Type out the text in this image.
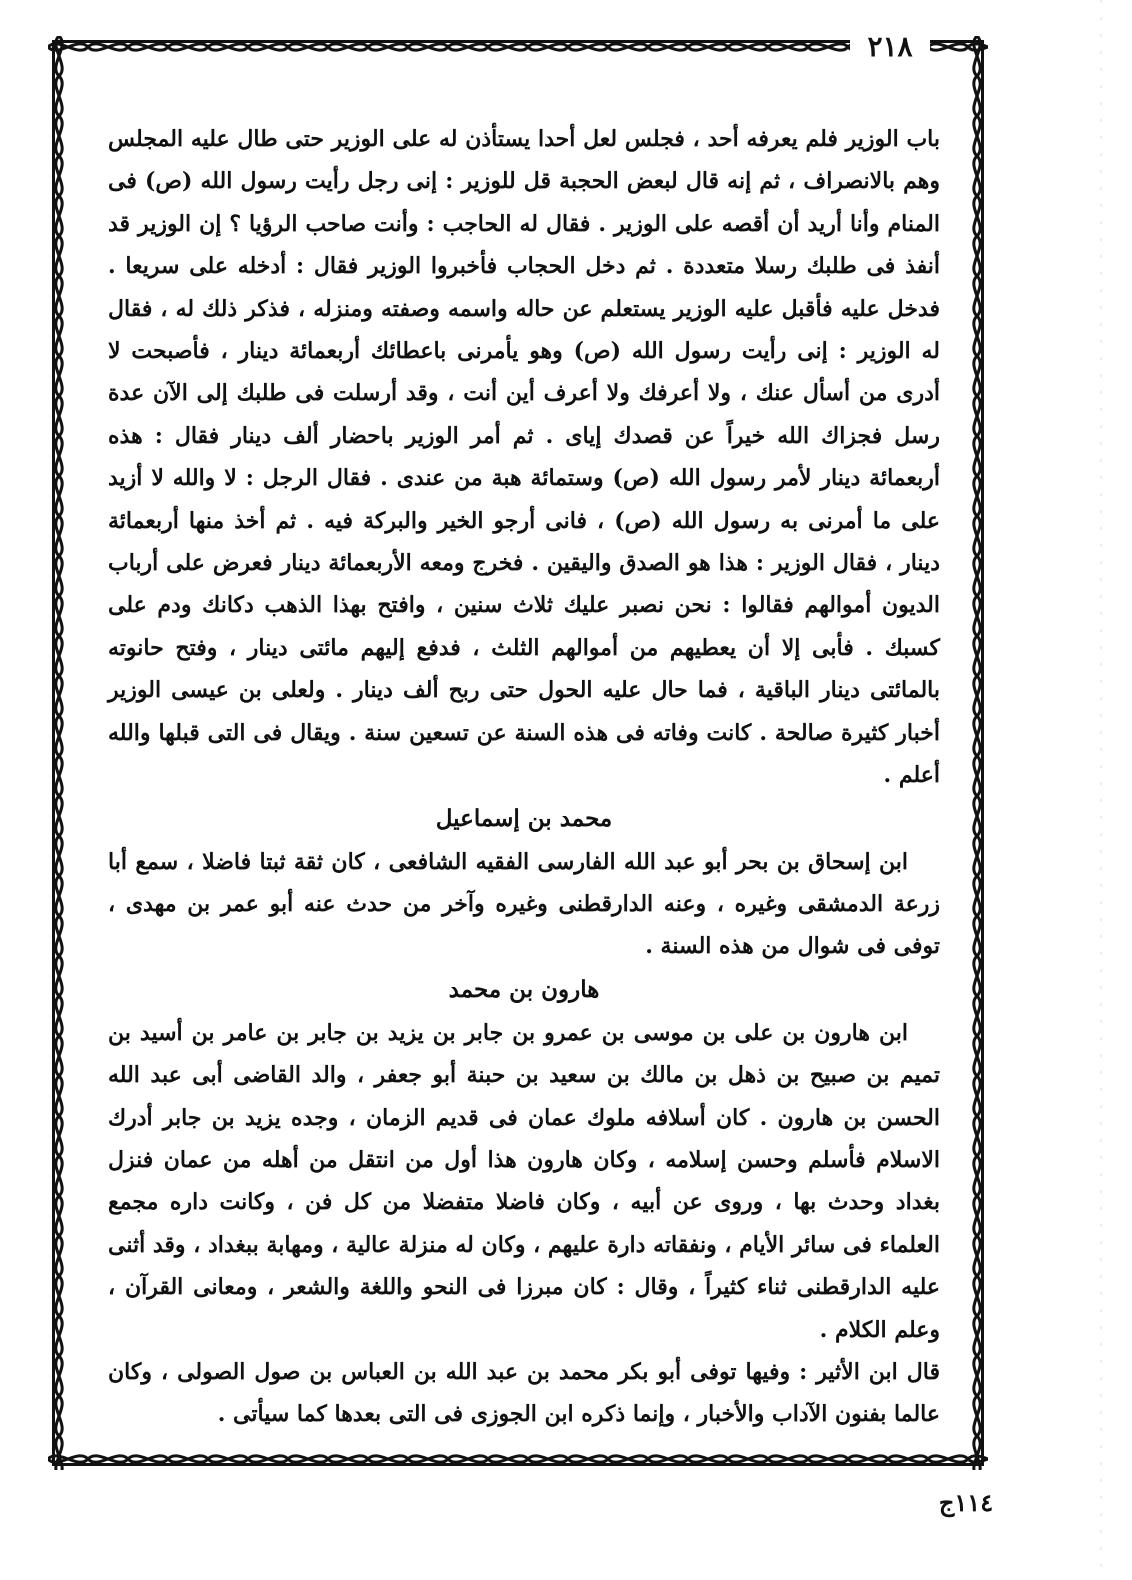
٢١٨

باب الوزير فلم يعرفه أحد ، فجلس لعل أحدا يستأذن له على الوزير حتى طال عليه المجلس وهم بالانصراف ، ثم إنه قال لبعض الحجبة قل للوزير : إنى رجل رأيت رسول الله (ص) فى المنام وأنا أريد أن أقصه على الوزير . فقال له الحاجب : وأنت صاحب الرؤيا ؟ إن الوزير قد أنفذ فى طلبك رسلا متعددة . ثم دخل الحجاب فأخبروا الوزير فقال : أدخله على سريعا . فدخل عليه فأقبل عليه الوزير يستعلم عن حاله واسمه وصفته ومنزله ، فذكر ذلك له ، فقال له الوزير : إنى رأيت رسول الله (ص) وهو يأمرنى باعطائك أربعمائة دينار ، فأصبحت لا أدرى من أسأل عنك ، ولا أعرفك ولا أعرف أين أنت ، وقد أرسلت فى طلبك إلى الآن عدة رسل فجزاك الله خيراً عن قصدك إياى . ثم أمر الوزير باحضار ألف دينار فقال : هذه أربعمائة دينار لأمر رسول الله (ص) وستمائة هبة من عندى . فقال الرجل : لا والله لا أزيد على ما أمرنى به رسول الله (ص) ، فانى أرجو الخير والبركة فيه . ثم أخذ منها أربعمائة دينار ، فقال الوزير : هذا هو الصدق واليقين . فخرج ومعه الأربعمائة دينار فعرض على أرباب الديون أموالهم فقالوا : نحن نصبر عليك ثلاث سنين ، وافتح بهذا الذهب دكانك ودم على كسبك . فأبى إلا أن يعطيهم من أموالهم الثلث ، فدفع إليهم مائتى دينار ، وفتح حانوته بالمائتى دينار الباقية ، فما حال عليه الحول حتى ربح ألف دينار . ولعلى بن عيسى الوزير أخبار كثيرة صالحة . كانت وفاته فى هذه السنة عن تسعين سنة . ويقال فى التى قبلها والله أعلم .

محمد بن إسماعيل

ابن إسحاق بن بحر أبو عبد الله الفارسى الفقيه الشافعى ، كان ثقة ثبتا فاضلا ، سمع أبا زرعة الدمشقى وغيره ، وعنه الدارقطنى وغيره وآخر من حدث عنه أبو عمر بن مهدى ، توفى فى شوال من هذه السنة .

هارون بن محمد

ابن هارون بن على بن موسى بن عمرو بن جابر بن يزيد بن جابر بن عامر بن أسيد بن تميم بن صبيح بن ذهل بن مالك بن سعيد بن حبنة أبو جعفر ، والد القاضى أبى عبد الله الحسن بن هارون . كان أسلافه ملوك عمان فى قديم الزمان ، وجده يزيد بن جابر أدرك الاسلام فأسلم وحسن إسلامه ، وكان هارون هذا أول من انتقل من أهله من عمان فنزل بغداد وحدث بها ، وروى عن أبيه ، وكان فاضلا متفضلا من كل فن ، وكانت داره مجمع العلماء فى سائر الأيام ، ونفقاته دارة عليهم ، وكان له منزلة عالية ، ومهابة ببغداد ، وقد أثنى عليه الدارقطنى ثناء كثيراً ، وقال : كان مبرزا فى النحو واللغة والشعر ، ومعانى القرآن ، وعلم الكلام .

قال ابن الأثير : وفيها توفى أبو بكر محمد بن عبد الله بن العباس بن صول الصولى ، وكان عالما بفنون الآداب والأخبار ، وإنما ذكره ابن الجوزى فى التى بعدها كما سيأتى .

١١٤ج
